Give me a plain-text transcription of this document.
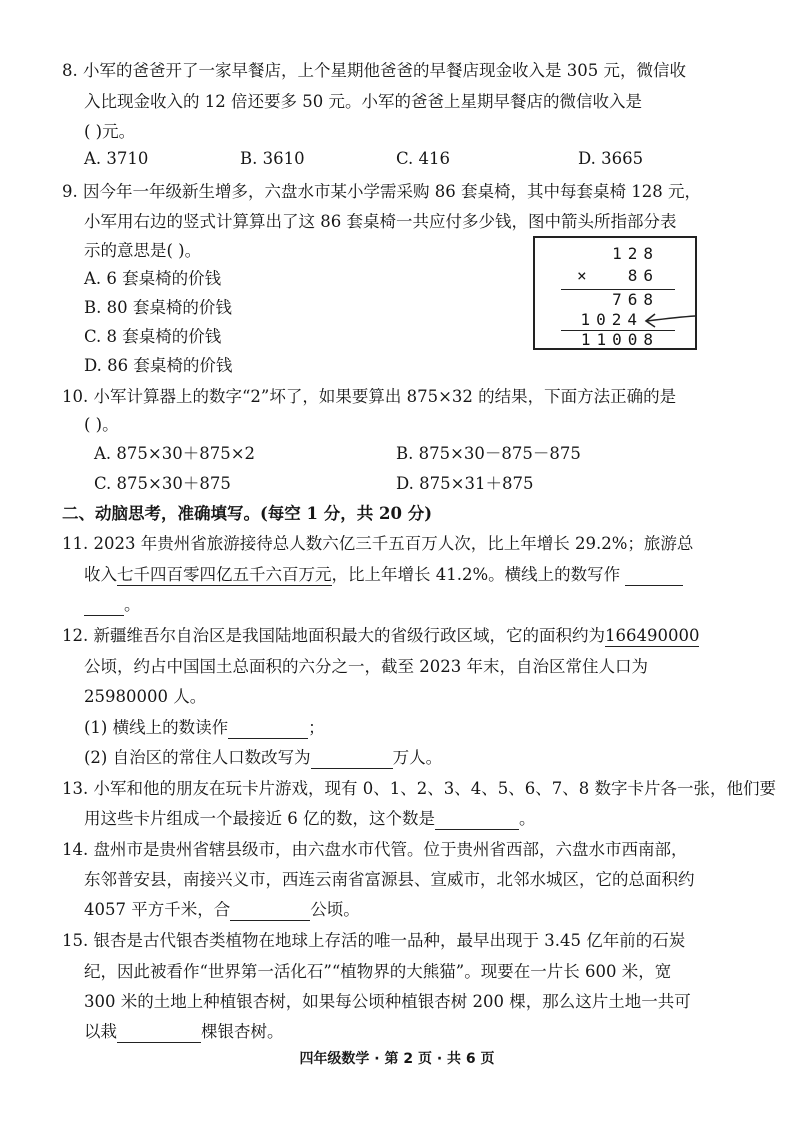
8. 小军的爸爸开了一家早餐店，上个星期他爸爸的早餐店现金收入是 305 元，微信收
入比现金收入的 12 倍还要多 50 元。小军的爸爸上星期早餐店的微信收入是
( )元。
A. 3710	B. 3610	C. 416	D. 3665
9. 因今年一年级新生增多，六盘水市某小学需采购 86 套桌椅，其中每套桌椅 128 元，
小军用右边的竖式计算算出了这 86 套桌椅一共应付多少钱，图中箭头所指部分表
示的意思是( )。
A. 6 套桌椅的价钱
B. 80 套桌椅的价钱
C. 8 套桌椅的价钱
D. 86 套桌椅的价钱
128
×	86
768
1024
11008
10. 小军计算器上的数字“2”坏了，如果要算出 875×32 的结果，下面方法正确的是
( )。
A. 875×30＋875×2	B. 875×30－875－875
C. 875×30＋875	D. 875×31＋875
二、动脑思考，准确填写。(每空 1 分，共 20 分)
11. 2023 年贵州省旅游接待总人数六亿三千五百万人次，比上年增长 29.2%；旅游总
收入七千四百零四亿五千六百万元，比上年增长 41.2%。横线上的数写作
。
12. 新疆维吾尔自治区是我国陆地面积最大的省级行政区域，它的面积约为166490000
公顷，约占中国国土总面积的六分之一，截至 2023 年末，自治区常住人口为
25980000 人。
(1) 横线上的数读作	；
(2) 自治区的常住人口数改写为	万人。
13. 小军和他的朋友在玩卡片游戏，现有 0、1、2、3、4、5、6、7、8 数字卡片各一张，他们要
用这些卡片组成一个最接近 6 亿的数，这个数是	。
14. 盘州市是贵州省辖县级市，由六盘水市代管。位于贵州省西部，六盘水市西南部，
东邻普安县，南接兴义市，西连云南省富源县、宣威市，北邻水城区，它的总面积约
4057 平方千米，合	公顷。
15. 银杏是古代银杏类植物在地球上存活的唯一品种，最早出现于 3.45 亿年前的石炭
纪，因此被看作“世界第一活化石”“植物界的大熊猫”。现要在一片长 600 米，宽
300 米的土地上种植银杏树，如果每公顷种植银杏树 200 棵，那么这片土地一共可
以栽	棵银杏树。
四年级数学 · 第 2 页 · 共 6 页
